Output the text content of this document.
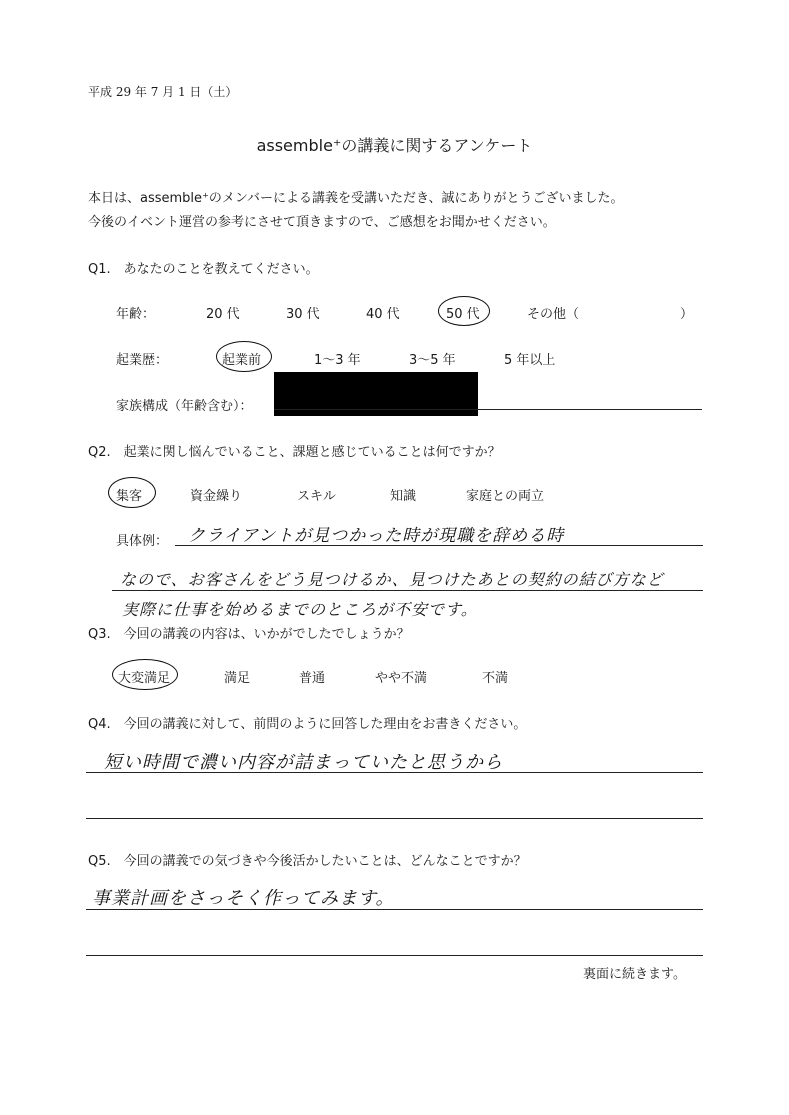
平成 29 年 7 月 1 日（土）
assemble⁺の講義に関するアンケート
本日は、assemble⁺のメンバーによる講義を受講いただき、誠にありがとうございました。
今後のイベント運営の参考にさせて頂きますので、ご感想をお聞かせください。
Q1.　あなたのことを教えてください。
年齢：	20 代	30 代	40 代	50 代	その他（	）
起業歴：	起業前	1～3 年	3～5 年	5 年以上
家族構成（年齢含む）：
Q2.　起業に関し悩んでいること、課題と感じていることは何ですか？
集客	資金繰り	スキル	知識	家庭との両立
具体例： クライアントが見つかった時が現職を辞める時
なので、お客さんをどう見つけるか、見つけたあとの契約の結び方など
実際に仕事を始めるまでのところが不安です。
Q3.　今回の講義の内容は、いかがでしたでしょうか？
大変満足	満足	普通	やや不満	不満
Q4.　今回の講義に対して、前問のように回答した理由をお書きください。
短い時間で濃い内容が詰まっていたと思うから
Q5.　今回の講義での気づきや今後活かしたいことは、どんなことですか？
事業計画をさっそく作ってみます。
裏面に続きます。
